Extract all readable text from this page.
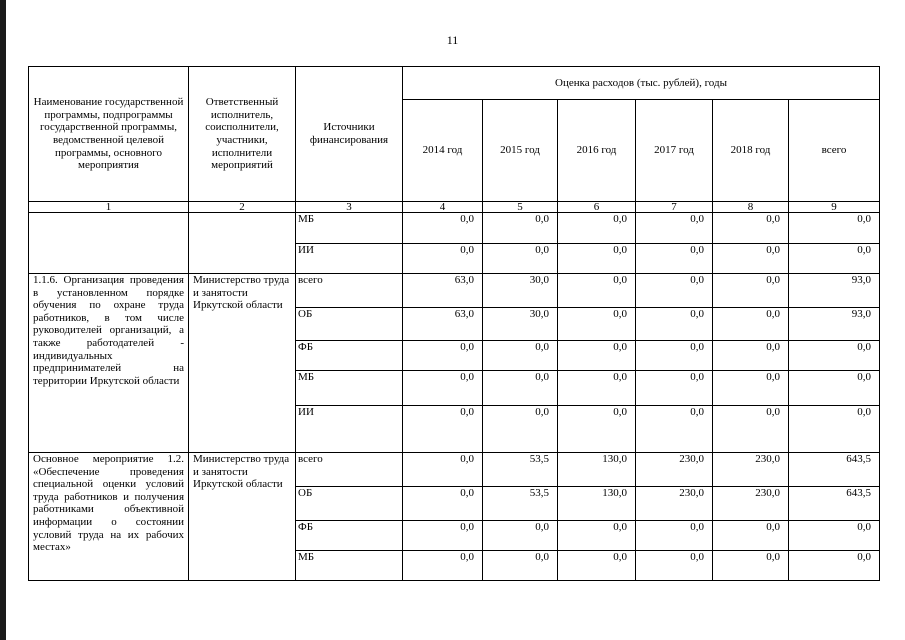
11
Наименование государственной программы, подпрограммы государственной программы, ведомственной целевой программы, основного мероприятия	Ответственный исполнитель, соисполнители, участники, исполнители мероприятий	Источники финансирования	Оценка расходов (тыс. рублей), годы					
			2014 год	2015 год	2016 год	2017 год	2018 год	всего
1	2	3	4	5	6	7	8	9
		МБ	0,0	0,0	0,0	0,0	0,0	0,0
		ИИ	0,0	0,0	0,0	0,0	0,0	0,0
1.1.6. Организация проведения в установленном порядке обучения по охране труда работников, в том числе руководителей организаций, а также работодателей - индивидуальных предпринимателей на территории Иркутской области	Министерство труда и занятости Иркутской области	всего	63,0	30,0	0,0	0,0	0,0	93,0
		ОБ	63,0	30,0	0,0	0,0	0,0	93,0
		ФБ	0,0	0,0	0,0	0,0	0,0	0,0
		МБ	0,0	0,0	0,0	0,0	0,0	0,0
		ИИ	0,0	0,0	0,0	0,0	0,0	0,0
Основное мероприятие 1.2. «Обеспечение проведения специальной оценки условий труда работников и получения работниками объективной информации о состоянии условий труда на их рабочих местах»	Министерство труда и занятости Иркутской области	всего	0,0	53,5	130,0	230,0	230,0	643,5
		ОБ	0,0	53,5	130,0	230,0	230,0	643,5
		ФБ	0,0	0,0	0,0	0,0	0,0	0,0
		МБ	0,0	0,0	0,0	0,0	0,0	0,0
